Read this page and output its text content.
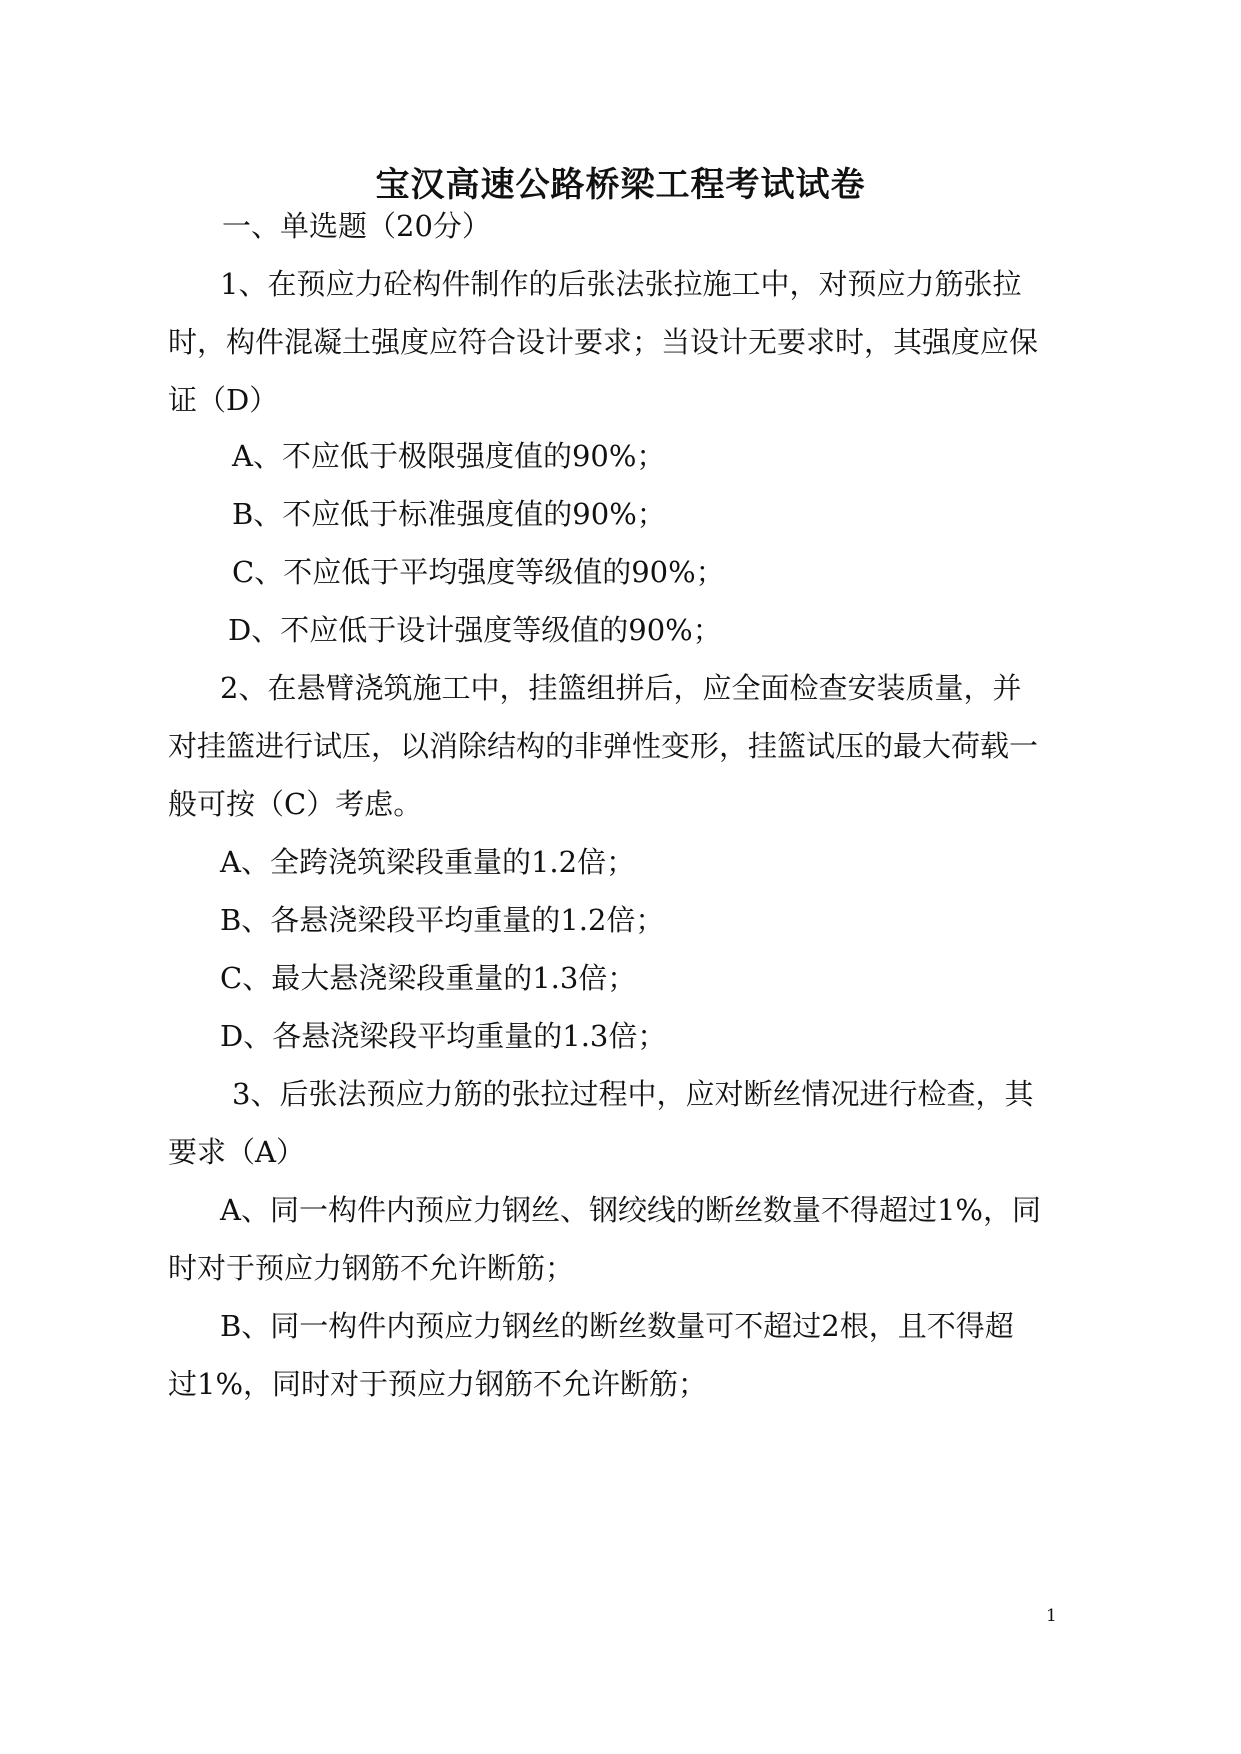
宝汉高速公路桥梁工程考试试卷
一、单选题（20分）
1、在预应力砼构件制作的后张法张拉施工中，对预应力筋张拉
时，构件混凝土强度应符合设计要求；当设计无要求时，其强度应保
证（D）
A、不应低于极限强度值的90%；
B、不应低于标准强度值的90%；
C、不应低于平均强度等级值的90%；
D、不应低于设计强度等级值的90%；
2、在悬臂浇筑施工中，挂篮组拼后，应全面检查安装质量，并
对挂篮进行试压，以消除结构的非弹性变形，挂篮试压的最大荷载一
般可按（C）考虑。
A、全跨浇筑梁段重量的1.2倍；
B、各悬浇梁段平均重量的1.2倍；
C、最大悬浇梁段重量的1.3倍；
D、各悬浇梁段平均重量的1.3倍；
3、后张法预应力筋的张拉过程中，应对断丝情况进行检查，其
要求（A）
A、同一构件内预应力钢丝、钢绞线的断丝数量不得超过1%，同
时对于预应力钢筋不允许断筋；
B、同一构件内预应力钢丝的断丝数量可不超过2根，且不得超
过1%，同时对于预应力钢筋不允许断筋；
1
